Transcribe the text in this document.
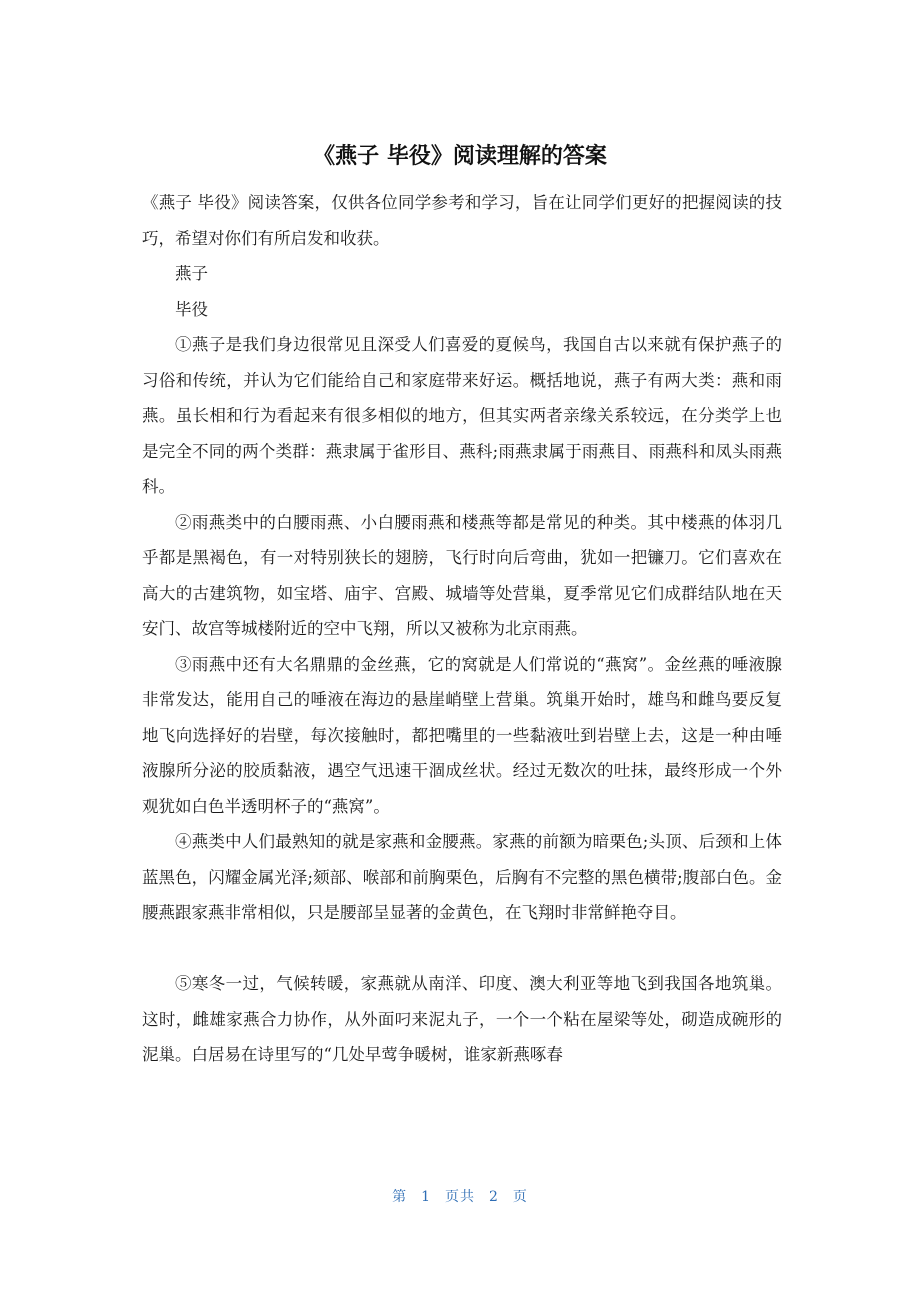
《燕子 毕役》阅读理解的答案

《燕子 毕役》阅读答案，仅供各位同学参考和学习，旨在让同学们更好的把握阅读的技巧，希望对你们有所启发和收获。

燕子

毕役

①燕子是我们身边很常见且深受人们喜爱的夏候鸟，我国自古以来就有保护燕子的习俗和传统，并认为它们能给自己和家庭带来好运。概括地说，燕子有两大类：燕和雨燕。虽长相和行为看起来有很多相似的地方，但其实两者亲缘关系较远，在分类学上也是完全不同的两个类群：燕隶属于雀形目、燕科;雨燕隶属于雨燕目、雨燕科和凤头雨燕科。

②雨燕类中的白腰雨燕、小白腰雨燕和楼燕等都是常见的种类。其中楼燕的体羽几乎都是黑褐色，有一对特别狭长的翅膀，飞行时向后弯曲，犹如一把镰刀。它们喜欢在高大的古建筑物，如宝塔、庙宇、宫殿、城墙等处营巢，夏季常见它们成群结队地在天安门、故宫等城楼附近的空中飞翔，所以又被称为北京雨燕。

③雨燕中还有大名鼎鼎的金丝燕，它的窝就是人们常说的“燕窝”。金丝燕的唾液腺非常发达，能用自己的唾液在海边的悬崖峭壁上营巢。筑巢开始时，雄鸟和雌鸟要反复地飞向选择好的岩壁，每次接触时，都把嘴里的一些黏液吐到岩壁上去，这是一种由唾液腺所分泌的胶质黏液，遇空气迅速干涸成丝状。经过无数次的吐抹，最终形成一个外观犹如白色半透明杯子的“燕窝”。

④燕类中人们最熟知的就是家燕和金腰燕。家燕的前额为暗栗色;头顶、后颈和上体蓝黑色，闪耀金属光泽;颏部、喉部和前胸栗色，后胸有不完整的黑色横带;腹部白色。金腰燕跟家燕非常相似，只是腰部呈显著的金黄色，在飞翔时非常鲜艳夺目。

⑤寒冬一过，气候转暖，家燕就从南洋、印度、澳大利亚等地飞到我国各地筑巢。这时，雌雄家燕合力协作，从外面叼来泥丸子，一个一个粘在屋梁等处，砌造成碗形的泥巢。白居易在诗里写的“几处早莺争暖树，谁家新燕啄春

第 1 页共 2 页
